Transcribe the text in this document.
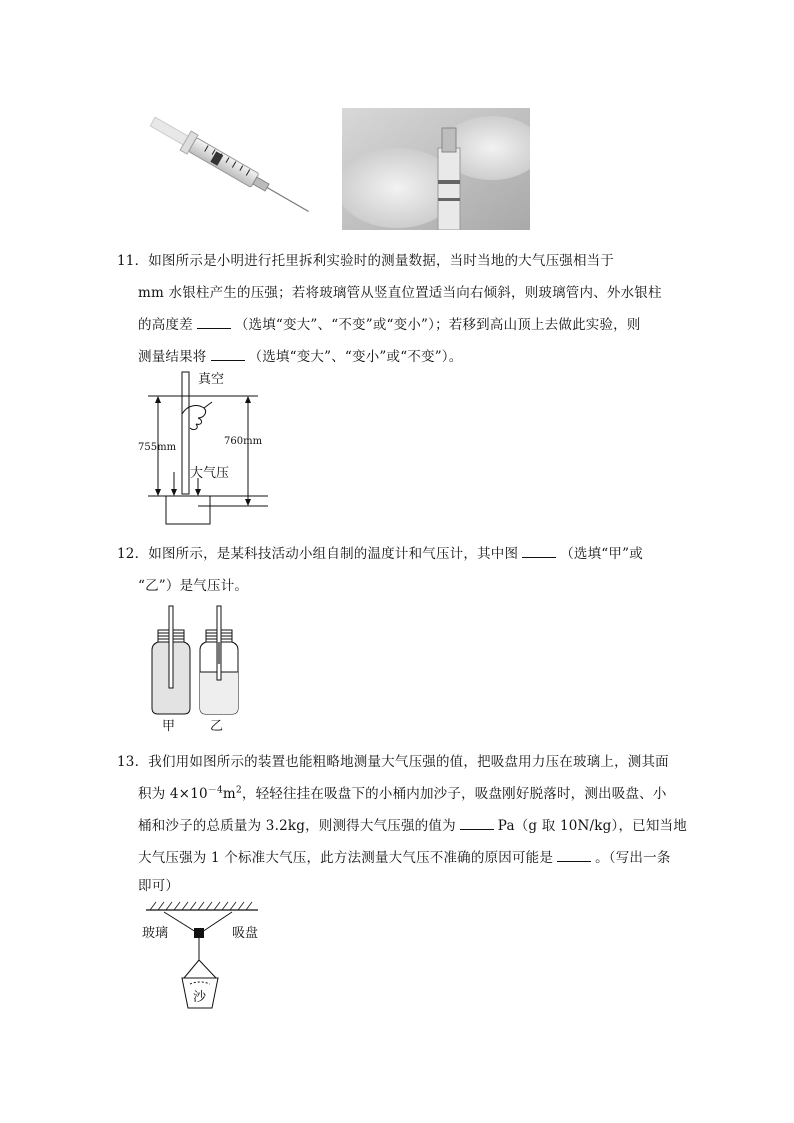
11．如图所示是小明进行托里拆利实验时的测量数据，当时当地的大气压强相当于
mm 水银柱产生的压强；若将玻璃管从竖直位置适当向右倾斜，则玻璃管内、外水银柱
的高度差	（选填“变大”、“不变”或“变小”）；若移到高山顶上去做此实验，则
测量结果将	（选填“变大”、“变小”或“不变”）。
真空
755mm
760mm
大气压
12．如图所示，是某科技活动小组自制的温度计和气压计，其中图	（选填“甲”或
“乙”）是气压计。
甲	乙
13．我们用如图所示的装置也能粗略地测量大气压强的值，把吸盘用力压在玻璃上，测其面
积为 $4\times 10^{-4}m^2$，轻轻往挂在吸盘下的小桶内加沙子，吸盘刚好脱落时，测出吸盘、小
桶和沙子的总质量为 3.2kg，则测得大气压强的值为	Pa（g 取 10N/kg），已知当地
大气压强为 1 个标准大气压，此方法测量大气压不准确的原因可能是	。（写出一条
即可）
玻璃	吸盘
沙
